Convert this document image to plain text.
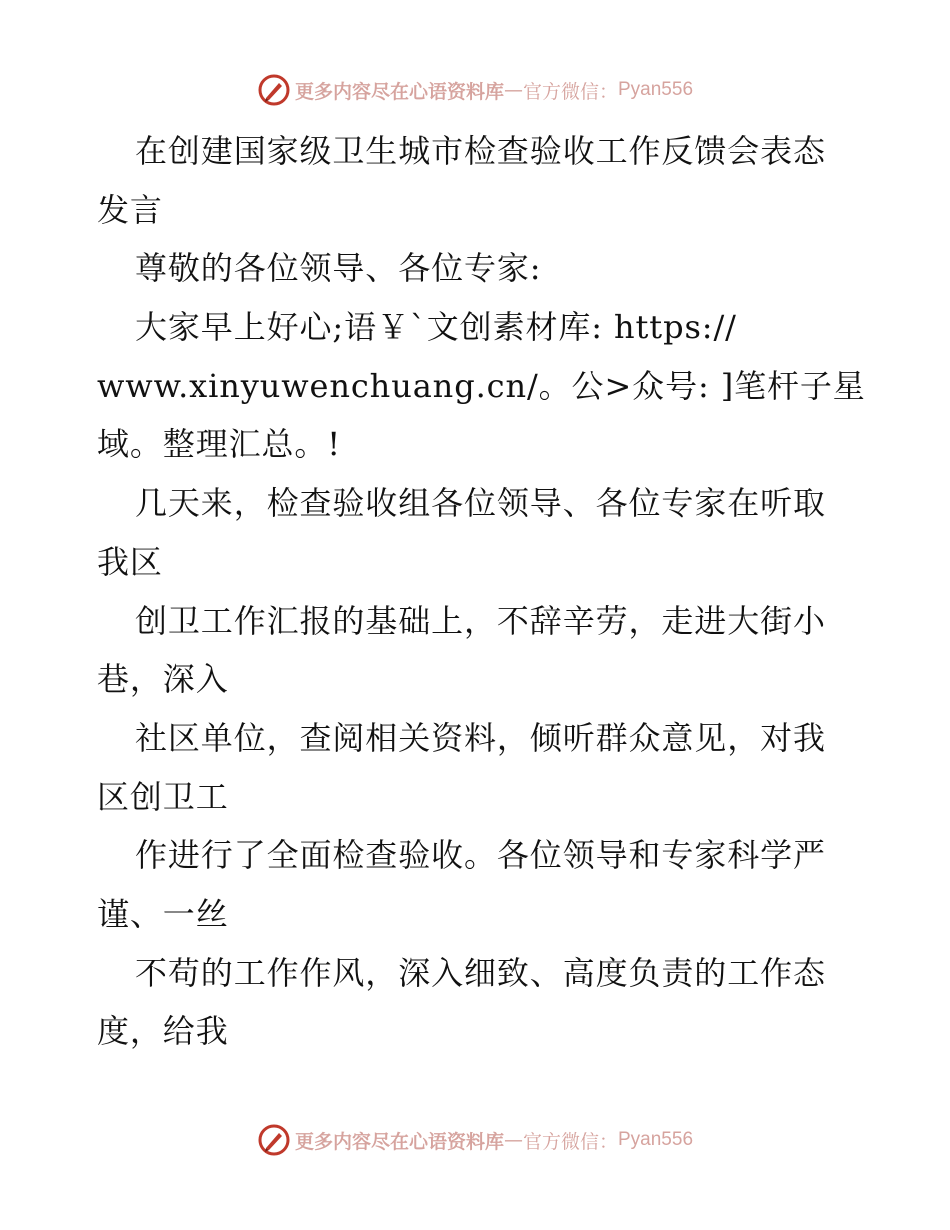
更多内容尽在心语资料库 — 官方微信： Pyan556
在创建国家级卫生城市检查验收工作反馈会表态
发言
尊敬的各位领导、各位专家:
大家早上好心;语￥`文创素材库: https://
www.xinyuwenchuang.cn/。公>众号: ]笔杆子星
域。整理汇总。!
几天来，检查验收组各位领导、各位专家在听取
我区
创卫工作汇报的基础上，不辞辛劳，走进大街小
巷，深入
社区单位，查阅相关资料，倾听群众意见，对我
区创卫工
作进行了全面检查验收。各位领导和专家科学严
谨、一丝
不苟的工作作风，深入细致、高度负责的工作态
度，给我
更多内容尽在心语资料库 — 官方微信： Pyan556
